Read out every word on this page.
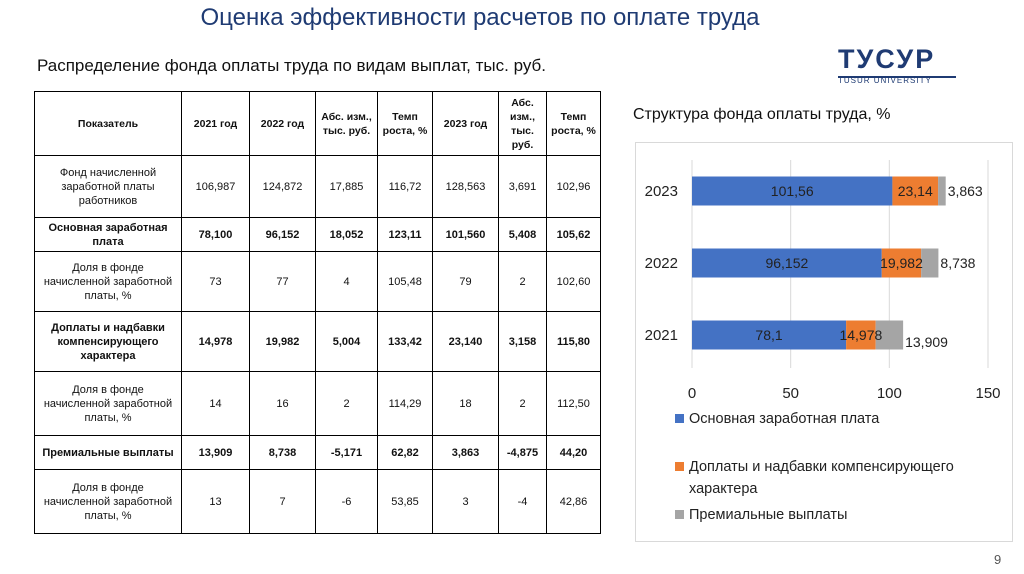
Оценка эффективности расчетов по оплате труда
Распределение фонда оплаты труда по видам выплат, тыс. руб.	ТУСУР
TUSUR UNIVERSITY
Показатель	2021 год	2022 год	Абс. изм., тыс. руб.	Темп роста, %	2023 год	Абс. изм., тыс. руб.	Темп роста, %
Фонд начисленной заработной платы работников	106,987	124,872	17,885	116,72	128,563	3,691	102,96
Основная заработная плата	78,100	96,152	18,052	123,11	101,560	5,408	105,62
Доля в фонде начисленной заработной платы, %	73	77	4	105,48	79	2	102,60
Доплаты и надбавки компенсирующего характера	14,978	19,982	5,004	133,42	23,140	3,158	115,80
Доля в фонде начисленной заработной платы, %	14	16	2	114,29	18	2	112,50
Премиальные выплаты	13,909	8,738	-5,171	62,82	3,863	-4,875	44,20
Доля в фонде начисленной заработной платы, %	13	7	-6	53,85	3	-4	42,86
Структура фонда оплаты труда, %
2023	101,56	23,14 3,863
2022	96,152	19,982 8,738
2021	78,1	14,978 13,909
0	50	100	150
Основная заработная плата
Доплаты и надбавки компенсирующего характера
Премиальные выплаты
9
